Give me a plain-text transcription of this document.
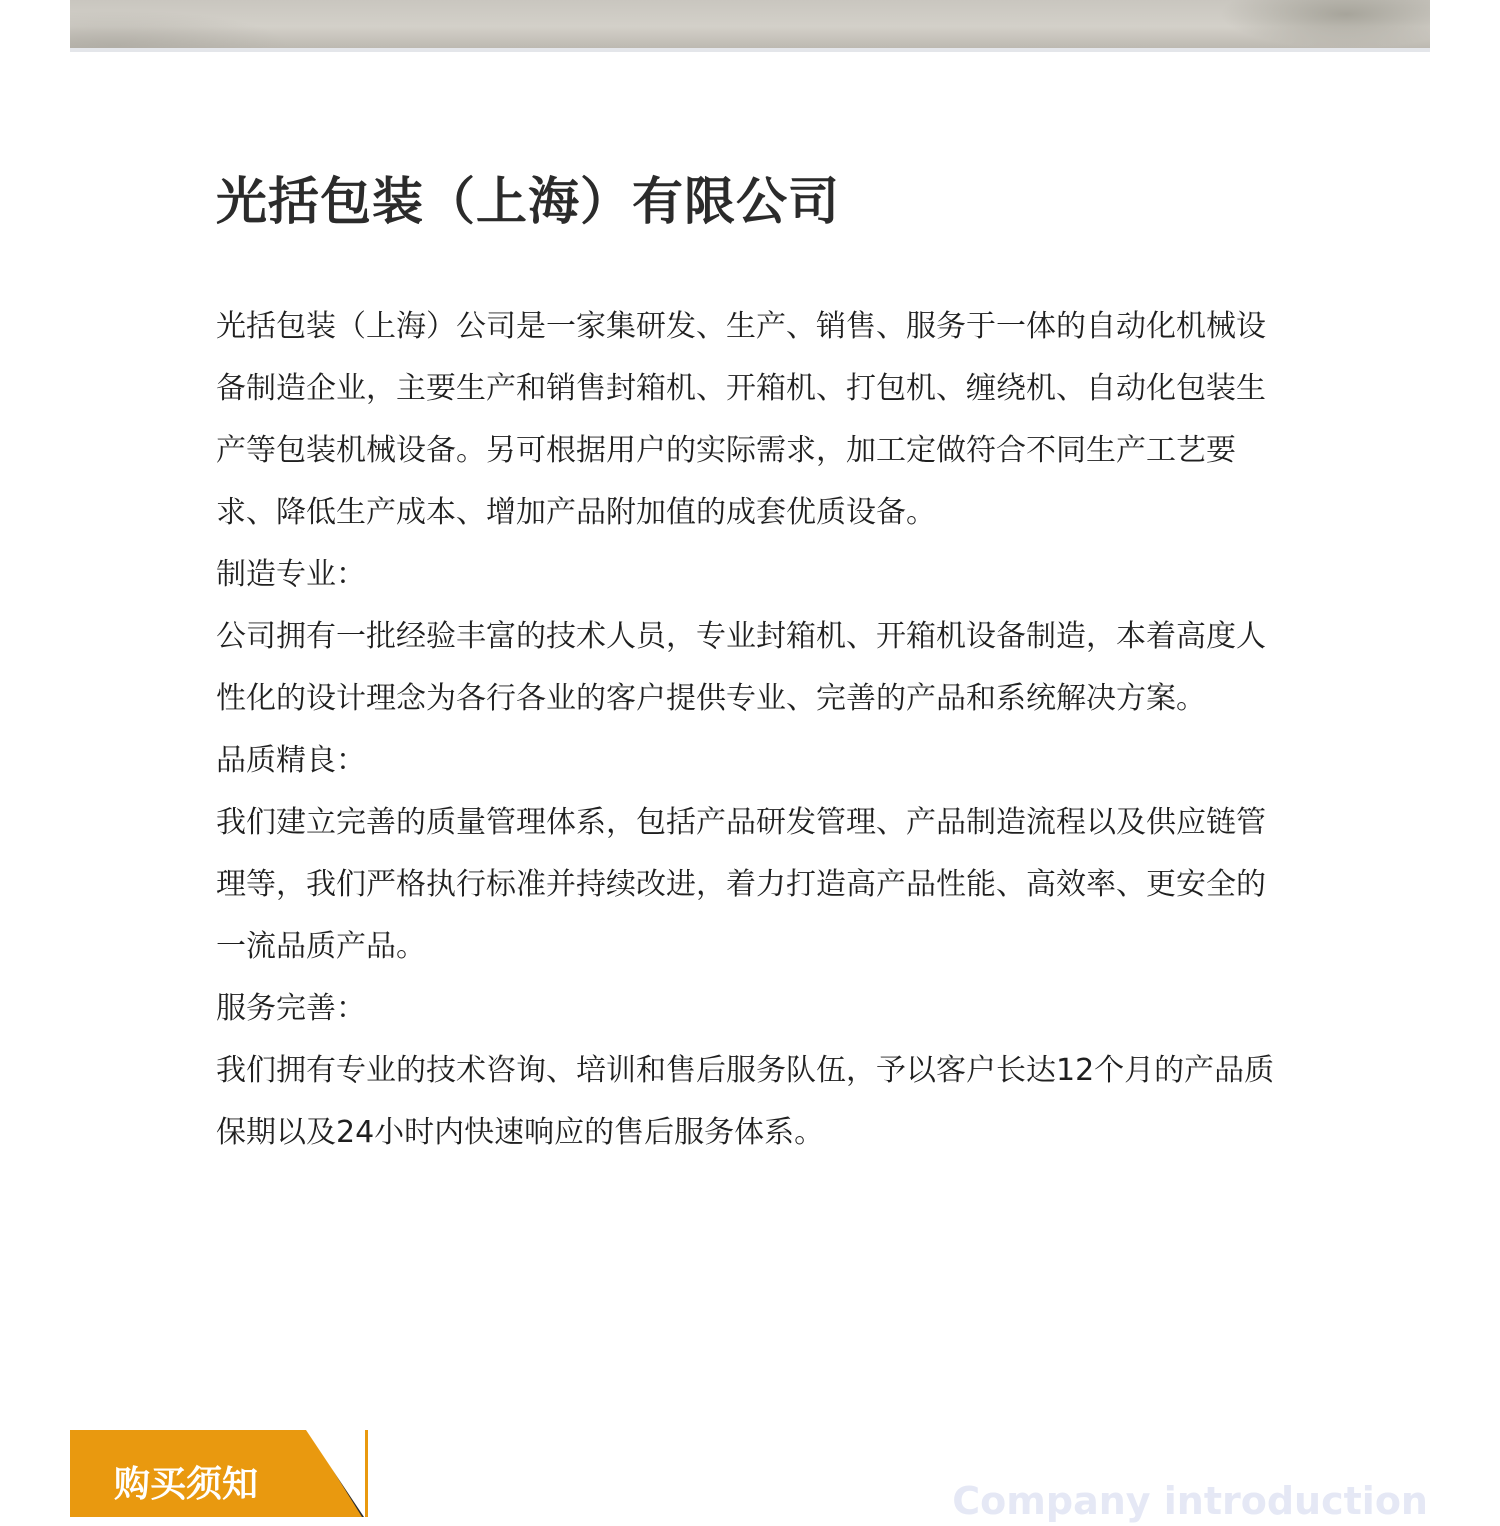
光括包装（上海）有限公司

光括包装（上海）公司是一家集研发、生产、销售、服务于一体的自动化机械设备制造企业，主要生产和销售封箱机、开箱机、打包机、缠绕机、自动化包装生产等包装机械设备。另可根据用户的实际需求，加工定做符合不同生产工艺要求、降低生产成本、增加产品附加值的成套优质设备。

制造专业：

公司拥有一批经验丰富的技术人员，专业封箱机、开箱机设备制造，本着高度人性化的设计理念为各行各业的客户提供专业、完善的产品和系统解决方案。

品质精良：

我们建立完善的质量管理体系，包括产品研发管理、产品制造流程以及供应链管理等，我们严格执行标准并持续改进，着力打造高产品性能、高效率、更安全的一流品质产品。

服务完善：

我们拥有专业的技术咨询、培训和售后服务队伍，予以客户长达12个月的产品质保期以及24小时内快速响应的售后服务体系。

购买须知	Company introduction
